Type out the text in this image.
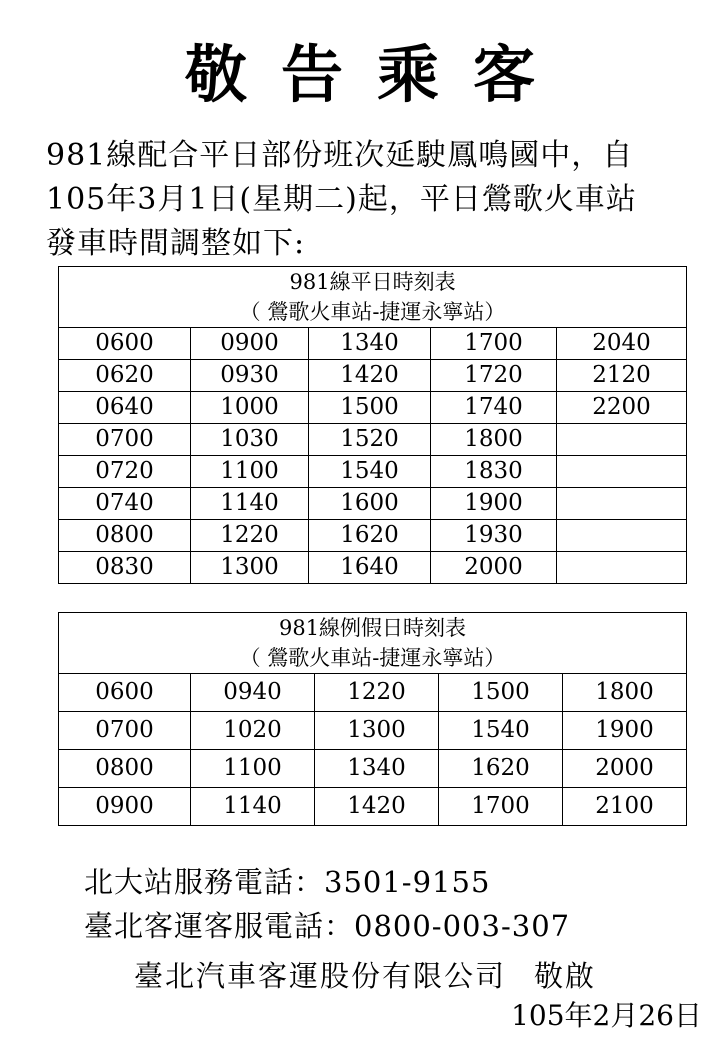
敬告乘客
981線配合平日部份班次延駛鳳鳴國中，自
105年3月1日(星期二)起，平日鶯歌火車站
發車時間調整如下:
981線平日時刻表				
（ 鶯歌火車站-捷運永寧站）				
0600	0900	1340	1700	2040
0620	0930	1420	1720	2120
0640	1000	1500	1740	2200
0700	1030	1520	1800	
0720	1100	1540	1830	
0740	1140	1600	1900	
0800	1220	1620	1930	
0830	1300	1640	2000	
981線例假日時刻表				
（ 鶯歌火車站-捷運永寧站）				
0600	0940	1220	1500	1800
0700	1020	1300	1540	1900
0800	1100	1340	1620	2000
0900	1140	1420	1700	2100
北大站服務電話：3501-9155
臺北客運客服電話：0800-003-307
臺北汽車客運股份有限公司 敬啟
105年2月26日
